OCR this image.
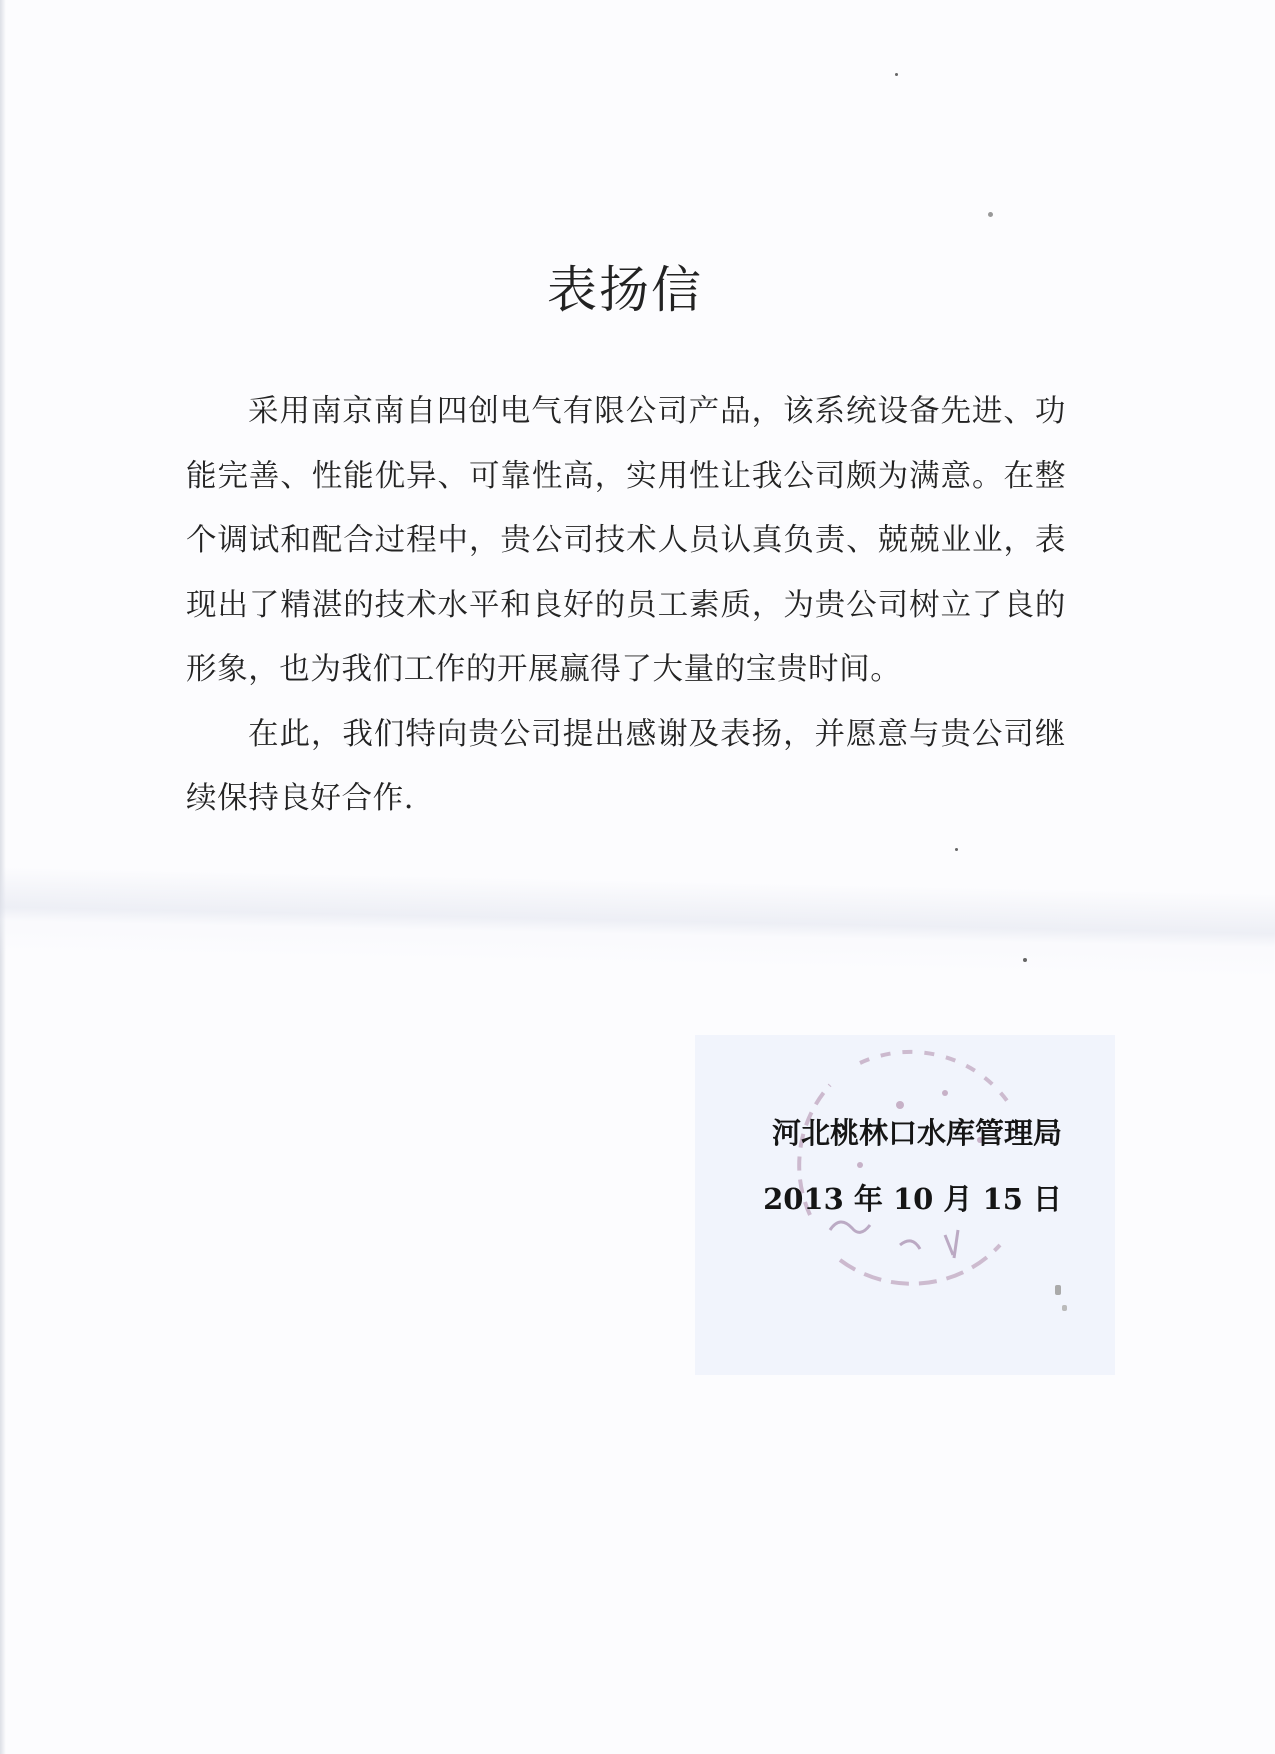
表扬信

采用南京南自四创电气有限公司产品，该系统设备先进、功能完善、性能优异、可靠性高，实用性让我公司颇为满意。在整个调试和配合过程中，贵公司技术人员认真负责、兢兢业业，表现出了精湛的技术水平和良好的员工素质，为贵公司树立了良的形象，也为我们工作的开展赢得了大量的宝贵时间。

在此，我们特向贵公司提出感谢及表扬，并愿意与贵公司继续保持良好合作.

河北桃林口水库管理局
2013 年 10 月 15 日
